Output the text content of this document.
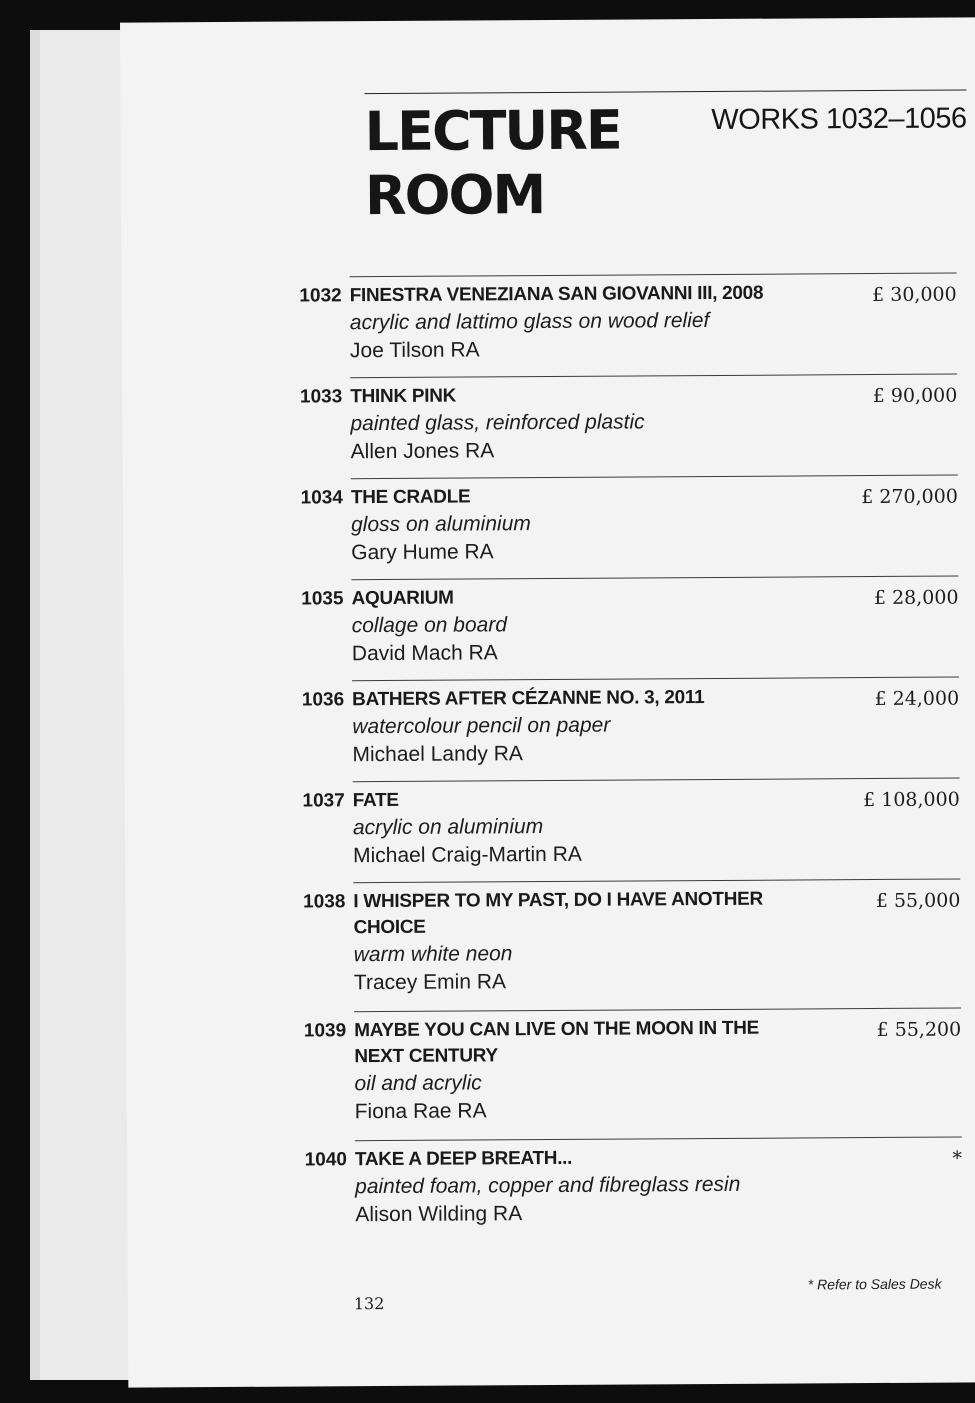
LECTURE
ROOM
WORKS 1032–1056
1032 FINESTRA VENEZIANA SAN GIOVANNI III, 2008
acrylic and lattimo glass on wood relief
Joe Tilson RA
£ 30,000
1033 THINK PINK
painted glass, reinforced plastic
Allen Jones RA
£ 90,000
1034 THE CRADLE
gloss on aluminium
Gary Hume RA
£ 270,000
1035 AQUARIUM
collage on board
David Mach RA
£ 28,000
1036 BATHERS AFTER CÉZANNE NO. 3, 2011
watercolour pencil on paper
Michael Landy RA
£ 24,000
1037 FATE
acrylic on aluminium
Michael Craig-Martin RA
£ 108,000
1038 I WHISPER TO MY PAST, DO I HAVE ANOTHER CHOICE
warm white neon
Tracey Emin RA
£ 55,000
1039 MAYBE YOU CAN LIVE ON THE MOON IN THE NEXT CENTURY
oil and acrylic
Fiona Rae RA
£ 55,200
1040 TAKE A DEEP BREATH...
painted foam, copper and fibreglass resin
Alison Wilding RA
*
* Refer to Sales Desk
132
